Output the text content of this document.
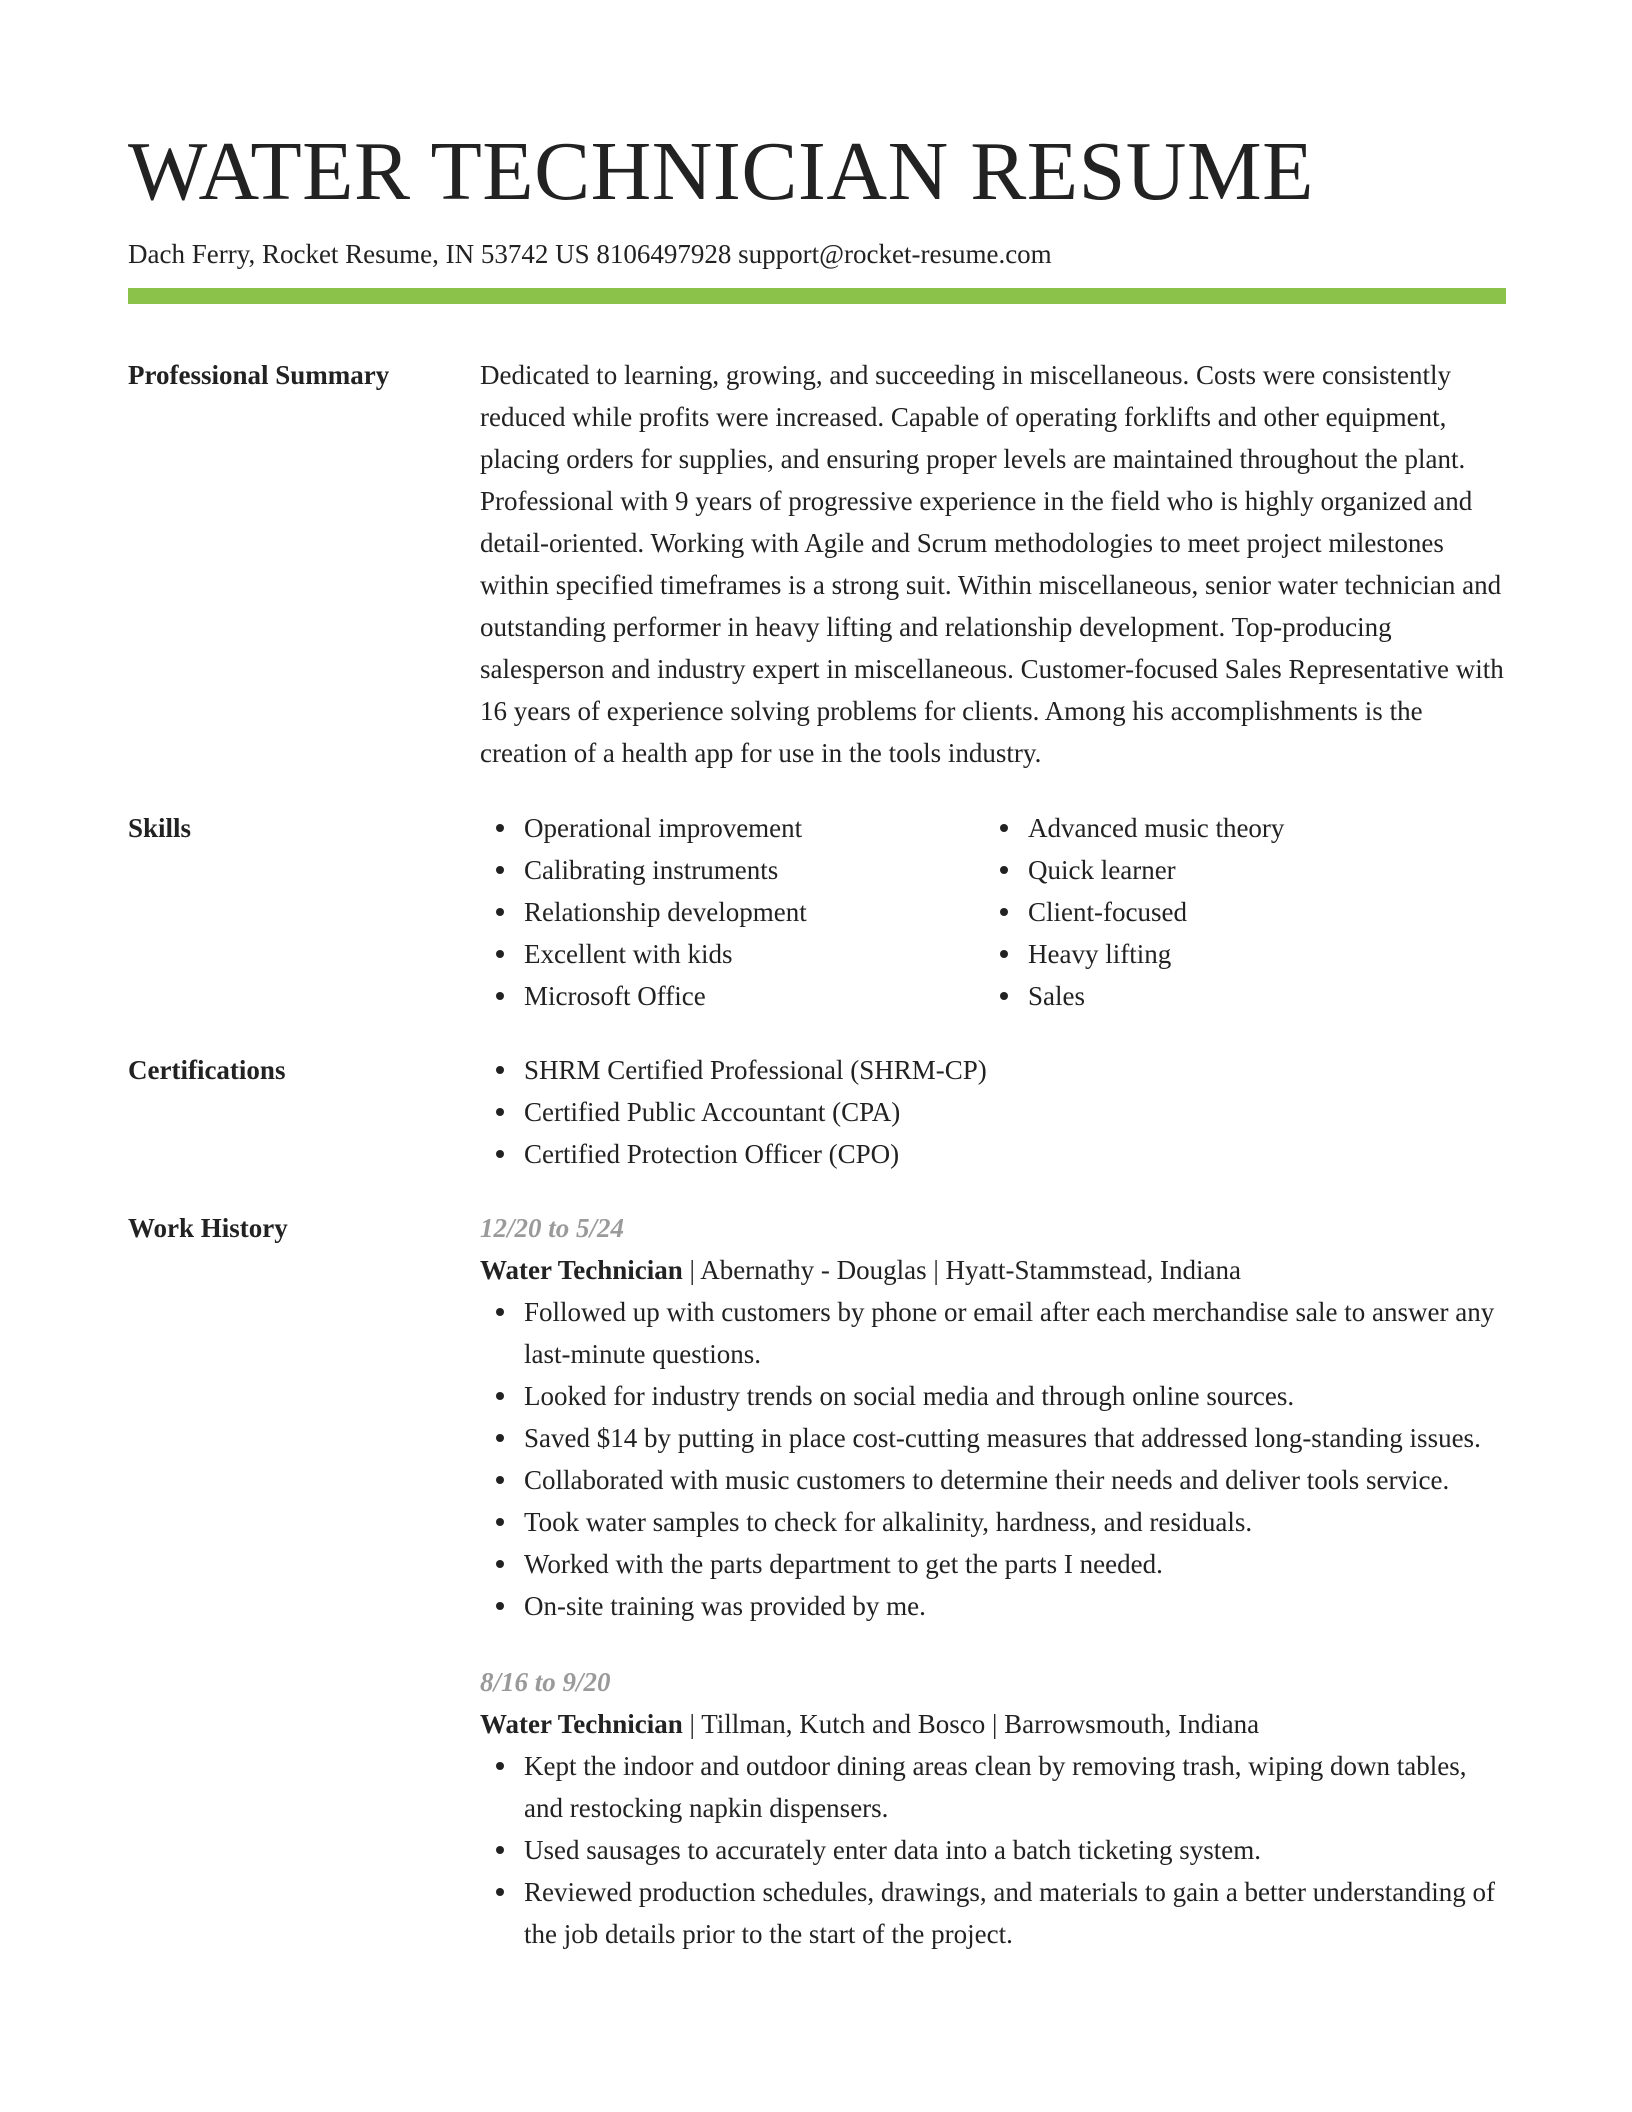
WATER TECHNICIAN RESUME
Dach Ferry, Rocket Resume, IN 53742 US 8106497928 support@rocket-resume.com
Professional Summary	Dedicated to learning, growing, and succeeding in miscellaneous. Costs were consistently reduced while profits were increased. Capable of operating forklifts and other equipment, placing orders for supplies, and ensuring proper levels are maintained throughout the plant. Professional with 9 years of progressive experience in the field who is highly organized and detail-oriented. Working with Agile and Scrum methodologies to meet project milestones within specified timeframes is a strong suit. Within miscellaneous, senior water technician and outstanding performer in heavy lifting and relationship development. Top-producing salesperson and industry expert in miscellaneous. Customer-focused Sales Representative with 16 years of experience solving problems for clients. Among his accomplishments is the creation of a health app for use in the tools industry.

Skills	Operational improvement
Calibrating instruments
Relationship development
Excellent with kids
Microsoft Office
Advanced music theory
Quick learner
Client-focused
Heavy lifting
Sales
Certifications	SHRM Certified Professional (SHRM-CP)
Certified Public Accountant (CPA)
Certified Protection Officer (CPO)
Work History	12/20 to 5/24
Water Technician | Abernathy - Douglas | Hyatt-Stammstead, Indiana
Followed up with customers by phone or email after each merchandise sale to answer any last-minute questions.
Looked for industry trends on social media and through online sources.
Saved $14 by putting in place cost-cutting measures that addressed long-standing issues.
Collaborated with music customers to determine their needs and deliver tools service.
Took water samples to check for alkalinity, hardness, and residuals.
Worked with the parts department to get the parts I needed.
On-site training was provided by me.
8/16 to 9/20
Water Technician | Tillman, Kutch and Bosco | Barrowsmouth, Indiana
Kept the indoor and outdoor dining areas clean by removing trash, wiping down tables, and restocking napkin dispensers.
Used sausages to accurately enter data into a batch ticketing system.
Reviewed production schedules, drawings, and materials to gain a better understanding of the job details prior to the start of the project.
